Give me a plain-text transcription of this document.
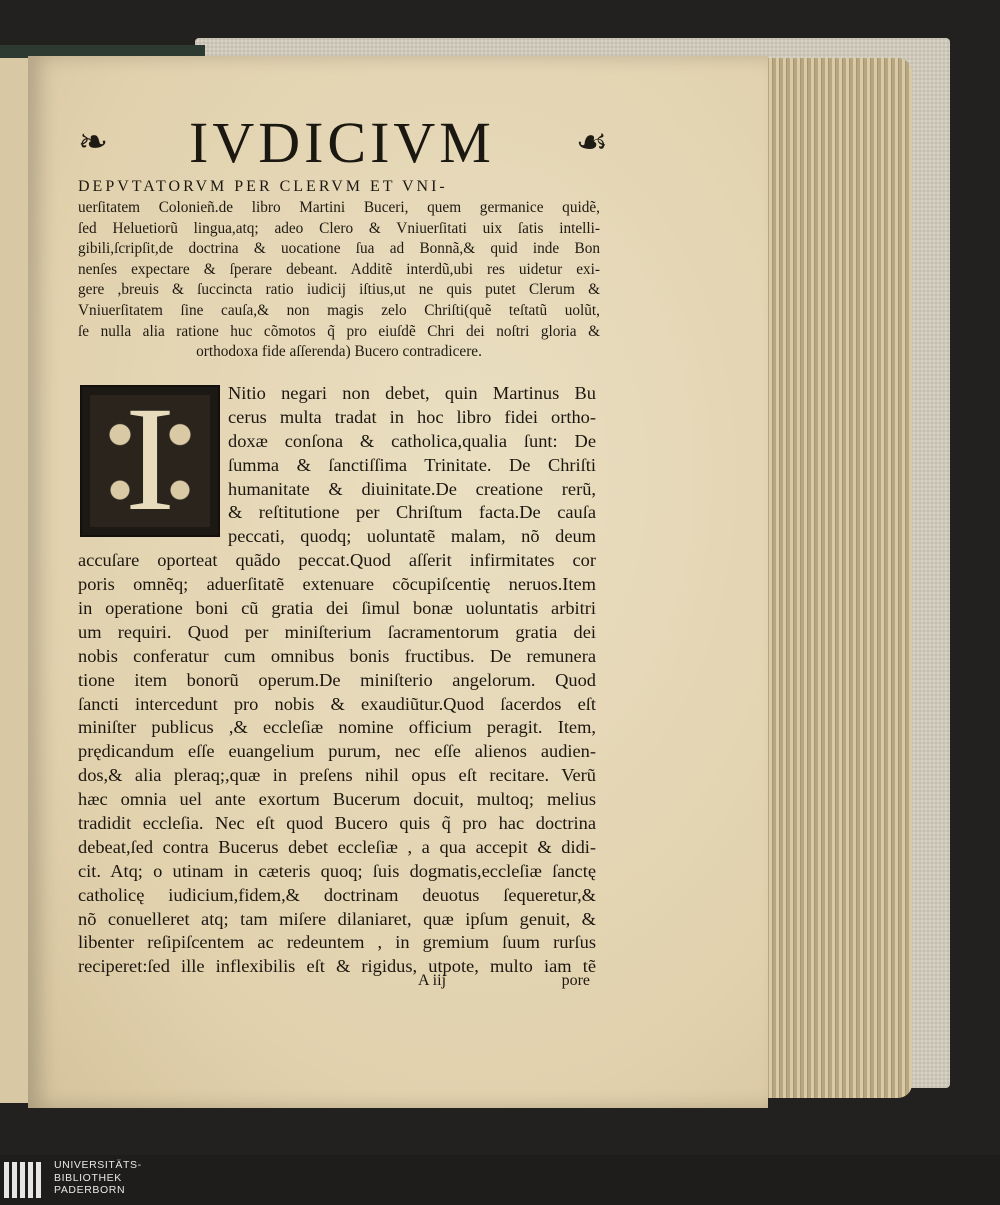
❧ IVDICIVM ☙
DEPVTATORVM PER CLERVM ET VNI-
uerſitatem Colonieñ.de libro Martini Buceri, quem germanice quidẽ,
ſed Heluetiorũ lingua,atq; adeo Clero & Vniuerſitati uix ſatis intelli-
gibili,ſcripſit,de doctrina & uocatione ſua ad Bonnã,& quid inde Bon
nenſes expectare & ſperare debeant. Additẽ interdũ,ubi res uidetur exi-
gere ,breuis & ſuccincta ratio iudicij iſtius,ut ne quis putet Clerum &
Vniuerſitatem ſine cauſa,& non magis zelo Chriſti(quẽ teſtatũ uolũt,
ſe nulla alia ratione huc cõmotos q̃ pro eiuſdẽ Chri dei noſtri gloria &
orthodoxa fide aſſerenda) Bucero contradicere.
I	Nitio negari non debet, quin Martinus Bu
cerus multa tradat in hoc libro fidei ortho-
doxæ conſona & catholica,qualia ſunt: De
ſumma & ſanctiſſima Trinitate. De Chriſti
humanitate & diuinitate.De creatione rerũ,
& reſtitutione per Chriſtum facta.De cauſa
peccati, quodq; uoluntatẽ malam, nõ deum
accuſare oporteat quãdo peccat.Quod aſſerit infirmitates cor
poris omnẽq; aduerſitatẽ extenuare cõcupiſcentię neruos.Item
in operatione boni cũ gratia dei ſimul bonæ uoluntatis arbitri
um requiri. Quod per miniſterium ſacramentorum gratia dei
nobis conferatur cum omnibus bonis fructibus. De remunera
tione item bonorũ operum.De miniſterio angelorum. Quod
ſancti intercedunt pro nobis & exaudiũtur.Quod ſacerdos eſt
miniſter publicus ,& eccleſiæ nomine officium peragit. Item,
prędicandum eſſe euangelium purum, nec eſſe alienos audien-
dos,& alia pleraq;,quæ in preſens nihil opus eſt recitare. Verũ
hæc omnia uel ante exortum Bucerum docuit, multoq; melius
tradidit eccleſia. Nec eſt quod Bucero quis q̃ pro hac doctrina
debeat,ſed contra Bucerus debet eccleſiæ , a qua accepit & didi-
cit. Atq; o utinam in cæteris quoq; ſuis dogmatis,eccleſiæ ſanctę
catholicę iudicium,fidem,& doctrinam deuotus ſequeretur,&
nõ conuelleret atq; tam miſere dilaniaret, quæ ipſum genuit, &
libenter reſipiſcentem ac redeuntem , in gremium ſuum rurſus
reciperet:ſed ille inflexibilis eſt & rigidus, utpote, multo iam tẽ
A iij	pore
UNIVERSITÄTS-
BIBLIOTHEK
PADERBORN
